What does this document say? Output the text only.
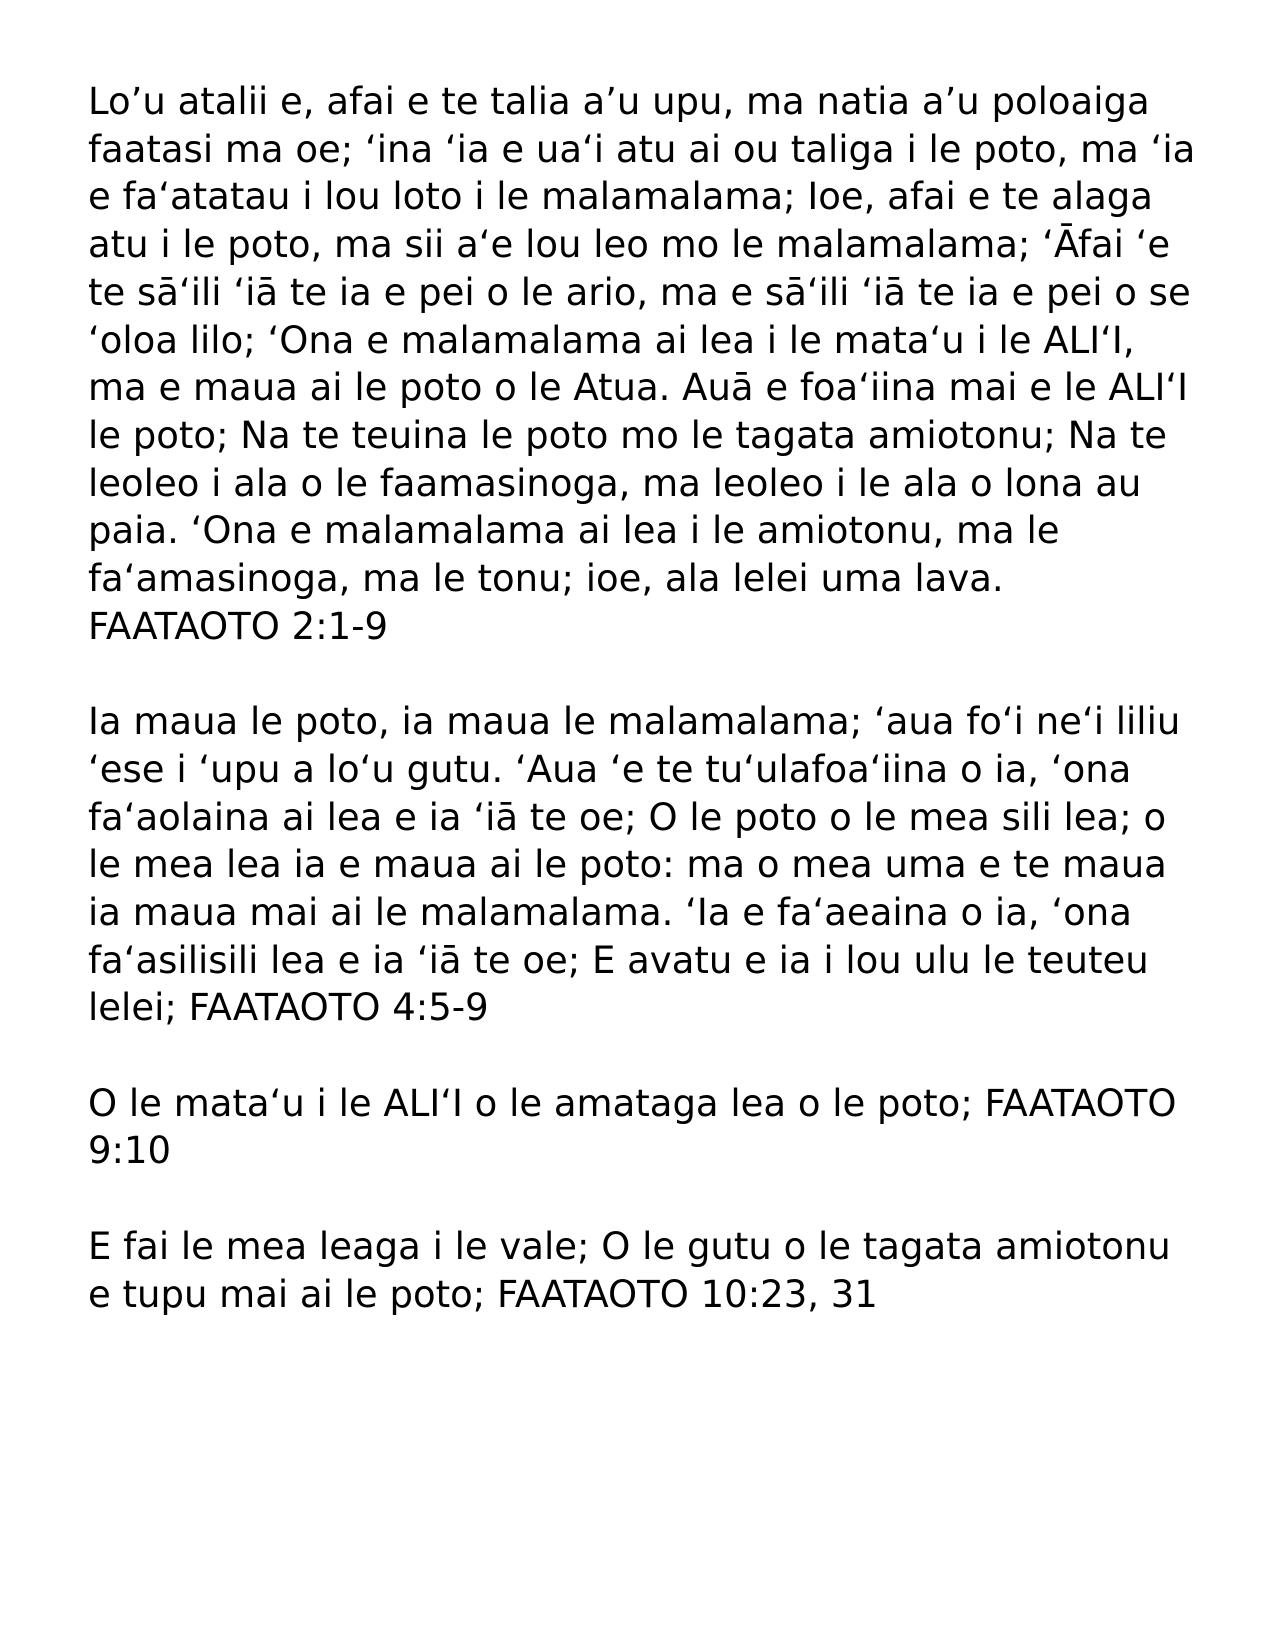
Lo’u atalii e, afai e te talia a’u upu, ma natia a’u poloaiga faatasi ma oe; ‘ina ‘ia e ua‘i atu ai ou taliga i le poto, ma ‘ia e fa‘atatau i lou loto i le malamalama; Ioe, afai e te alaga atu i le poto, ma sii a‘e lou leo mo le malamalama; ‘Āfai ‘e te sā‘ili ‘iā te ia e pei o le ario, ma e sā‘ili ‘iā te ia e pei o se ‘oloa lilo; ‘Ona e malamalama ai lea i le mata‘u i le ALI‘I, ma e maua ai le poto o le Atua. Auā e foa‘iina mai e le ALI‘I le poto; Na te teuina le poto mo le tagata amiotonu; Na te leoleo i ala o le faamasinoga, ma leoleo i le ala o lona au paia. ‘Ona e malamalama ai lea i le amiotonu, ma le fa‘amasinoga, ma le tonu; ioe, ala lelei uma lava. FAATAOTO 2:1-9

Ia maua le poto, ia maua le malamalama; ‘aua fo‘i ne‘i liliu ‘ese i ‘upu a lo‘u gutu. ‘Aua ‘e te tu‘ulafoa‘iina o ia, ‘ona fa‘aolaina ai lea e ia ‘iā te oe; O le poto o le mea sili lea; o le mea lea ia e maua ai le poto: ma o mea uma e te maua ia maua mai ai le malamalama. ‘Ia e fa‘aeaina o ia, ‘ona fa‘asilisili lea e ia ‘iā te oe; E avatu e ia i lou ulu le teuteu lelei; FAATAOTO 4:5-9

O le mata‘u i le ALI‘I o le amataga lea o le poto; FAATAOTO 9:10

E fai le mea leaga i le vale; O le gutu o le tagata amiotonu e tupu mai ai le poto; FAATAOTO 10:23, 31
